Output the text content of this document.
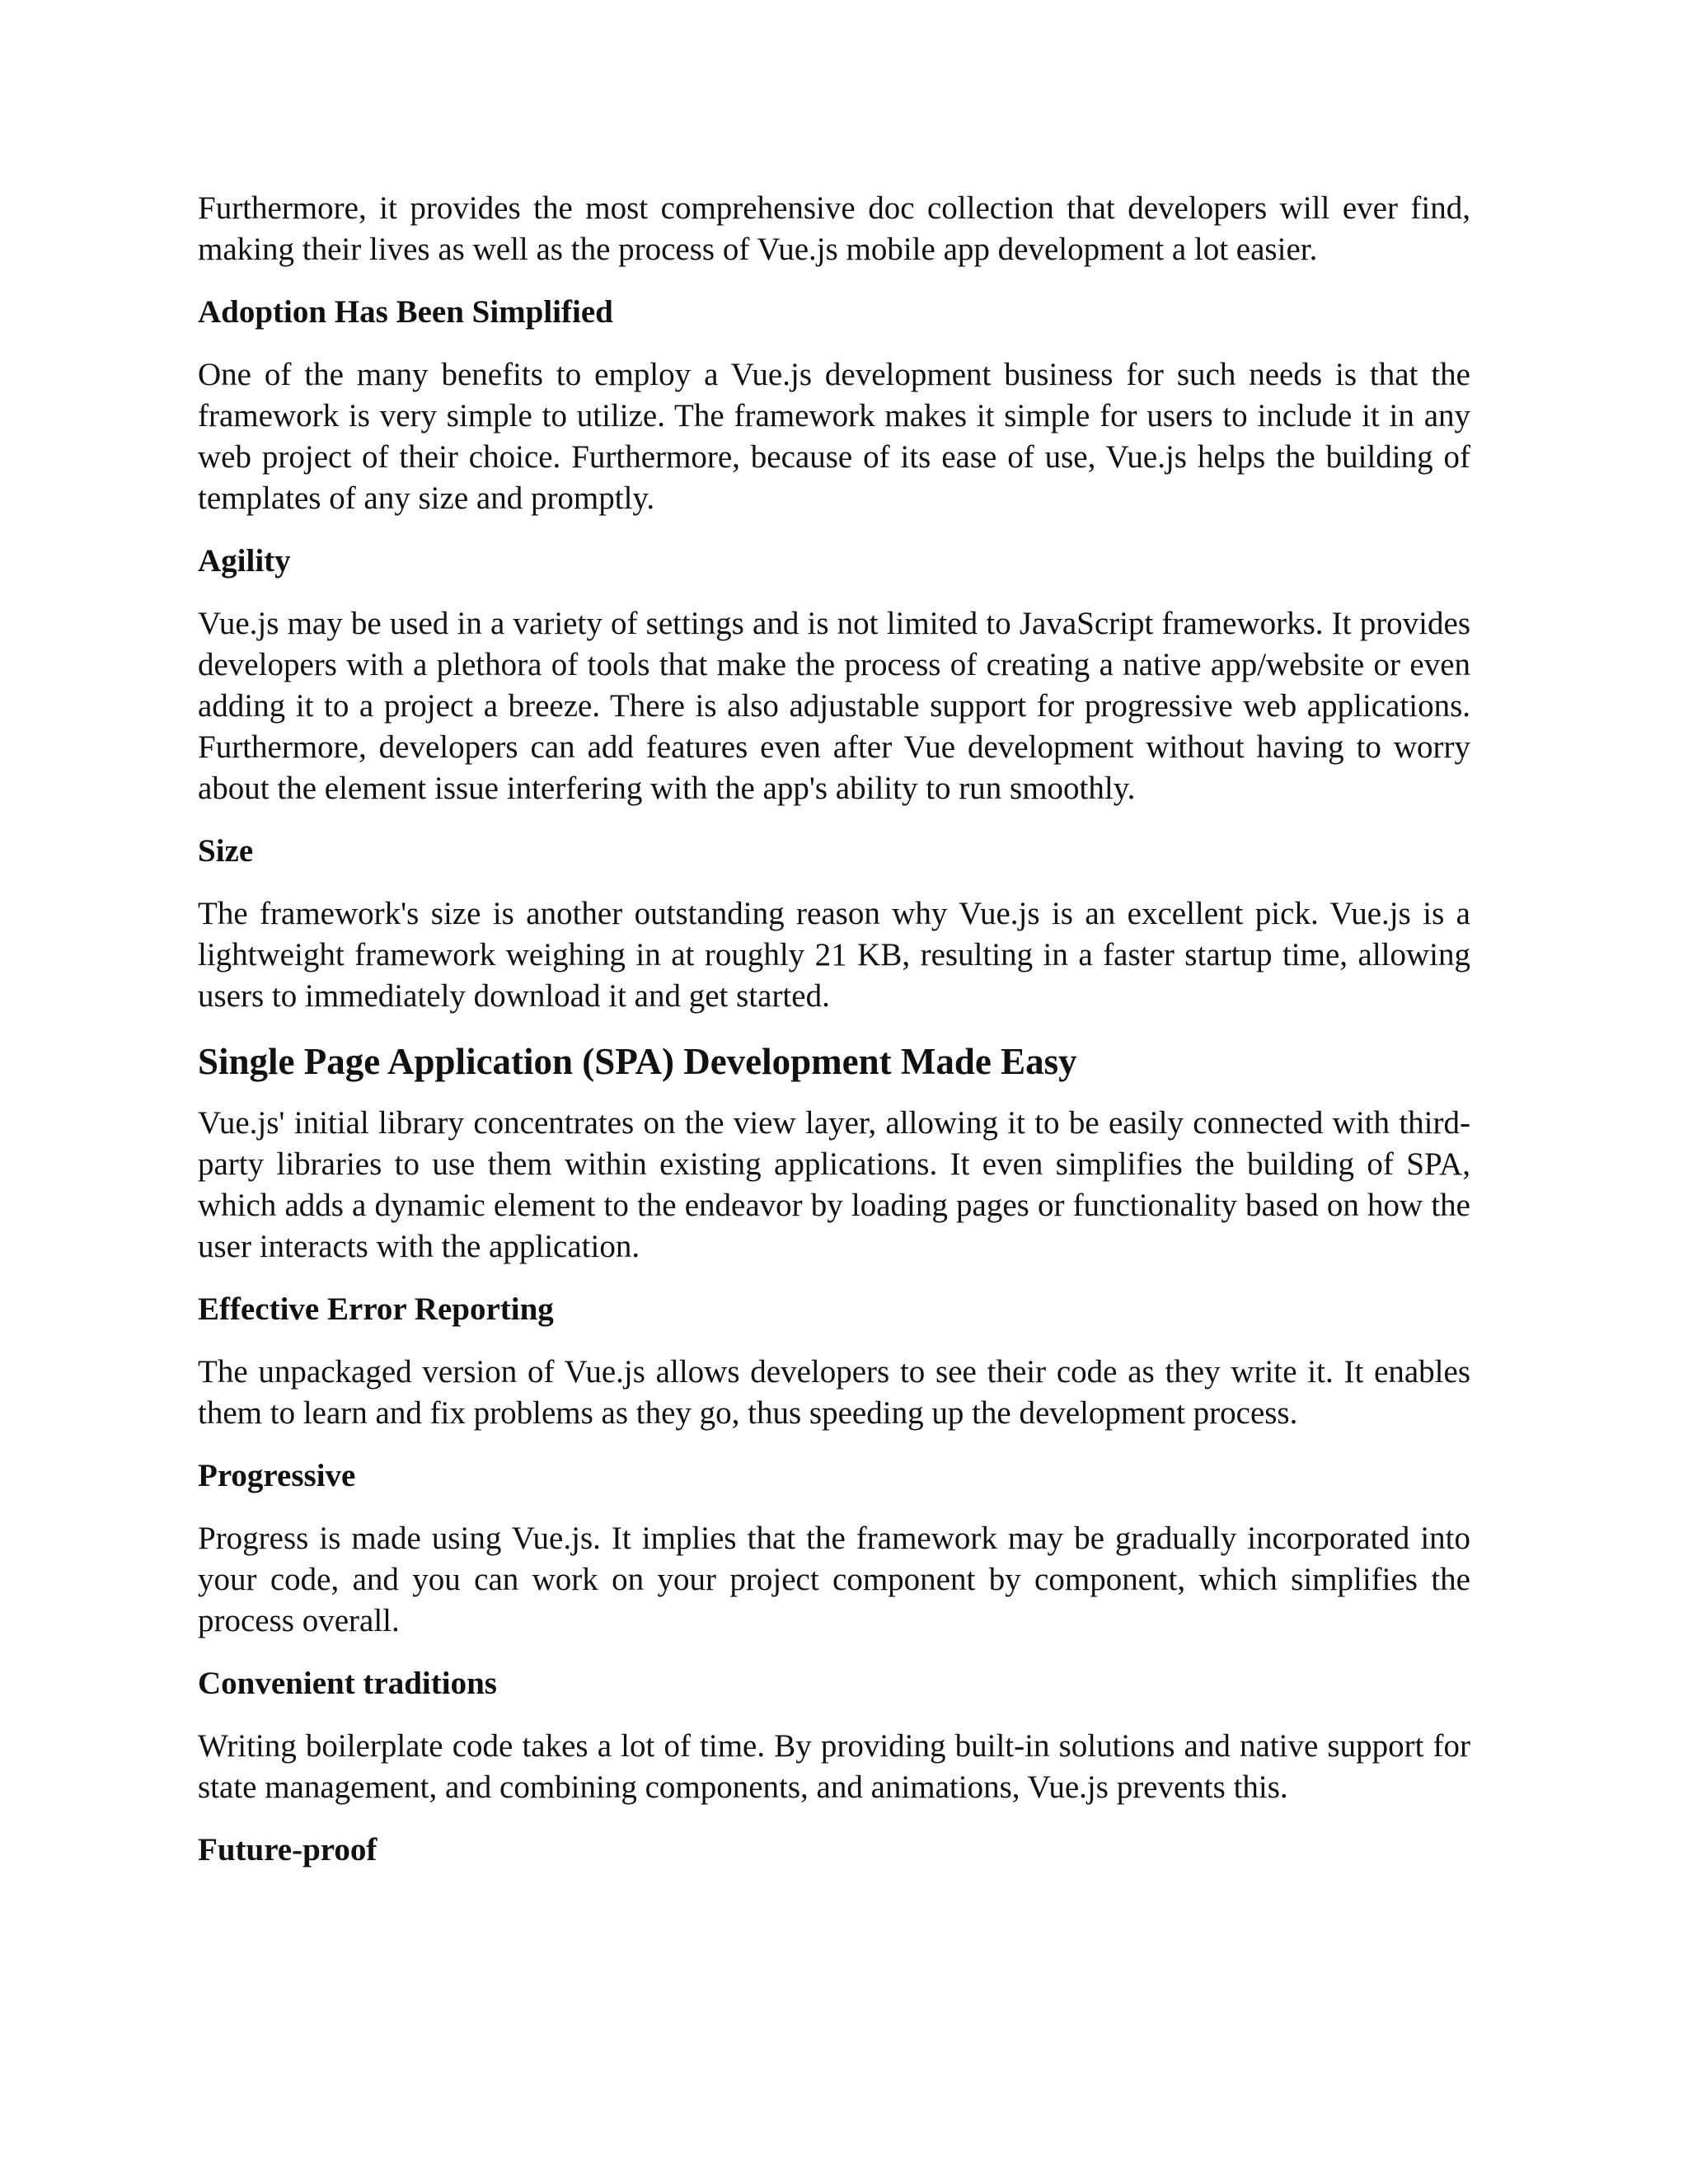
Furthermore, it provides the most comprehensive doc collection that developers will ever find, making their lives as well as the process of Vue.js mobile app development a lot easier.

Adoption Has Been Simplified

One of the many benefits to employ a Vue.js development business for such needs is that the framework is very simple to utilize. The framework makes it simple for users to include it in any web project of their choice. Furthermore, because of its ease of use, Vue.js helps the building of templates of any size and promptly.

Agility

Vue.js may be used in a variety of settings and is not limited to JavaScript frameworks. It provides developers with a plethora of tools that make the process of creating a native app/website or even adding it to a project a breeze. There is also adjustable support for progressive web applications. Furthermore, developers can add features even after Vue development without having to worry about the element issue interfering with the app's ability to run smoothly.

Size

The framework's size is another outstanding reason why Vue.js is an excellent pick. Vue.js is a lightweight framework weighing in at roughly 21 KB, resulting in a faster startup time, allowing users to immediately download it and get started.

Single Page Application (SPA) Development Made Easy

Vue.js' initial library concentrates on the view layer, allowing it to be easily connected with third-party libraries to use them within existing applications. It even simplifies the building of SPA, which adds a dynamic element to the endeavor by loading pages or functionality based on how the user interacts with the application.

Effective Error Reporting

The unpackaged version of Vue.js allows developers to see their code as they write it. It enables them to learn and fix problems as they go, thus speeding up the development process.

Progressive

Progress is made using Vue.js. It implies that the framework may be gradually incorporated into your code, and you can work on your project component by component, which simplifies the process overall.

Convenient traditions

Writing boilerplate code takes a lot of time. By providing built-in solutions and native support for state management, and combining components, and animations, Vue.js prevents this.

Future-proof
